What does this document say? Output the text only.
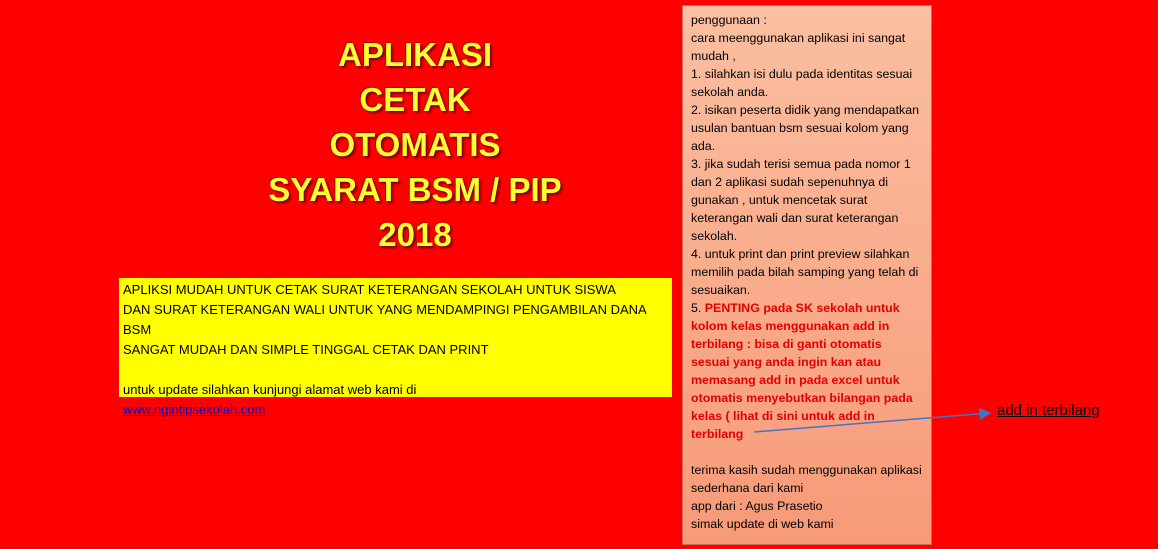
APLIKASI
CETAK
OTOMATIS
SYARAT BSM / PIP
2018

APLIKSI MUDAH UNTUK CETAK SURAT KETERANGAN SEKOLAH UNTUK SISWA

DAN SURAT KETERANGAN WALI UNTUK YANG MENDAMPINGI PENGAMBILAN DANA BSM

SANGAT MUDAH DAN SIMPLE TINGGAL CETAK DAN PRINT

untuk update silahkan kunjungi alamat web kami di

www.ngintipsekolah.com

penggunaan :

cara meenggunakan aplikasi ini sangat mudah ,

1. silahkan isi dulu pada identitas sesuai sekolah anda.

2. isikan peserta didik yang mendapatkan usulan bantuan bsm sesuai kolom yang ada.

3. jika sudah terisi semua pada nomor 1 dan 2 aplikasi sudah sepenuhnya di gunakan , untuk mencetak surat keterangan wali dan surat keterangan sekolah.

4. untuk print dan print preview silahkan memilih pada bilah samping yang telah di sesuaikan.

5. PENTING pada SK sekolah untuk kolom kelas menggunakan add in terbilang : bisa di ganti otomatis sesuai yang anda ingin kan atau memasang add in pada excel untuk otomatis menyebutkan bilangan pada kelas ( lihat di sini untuk add in terbilang

terima kasih sudah menggunakan aplikasi sederhana dari kami

app dari : Agus Prasetio

simak update di web kami

add in terbilang
